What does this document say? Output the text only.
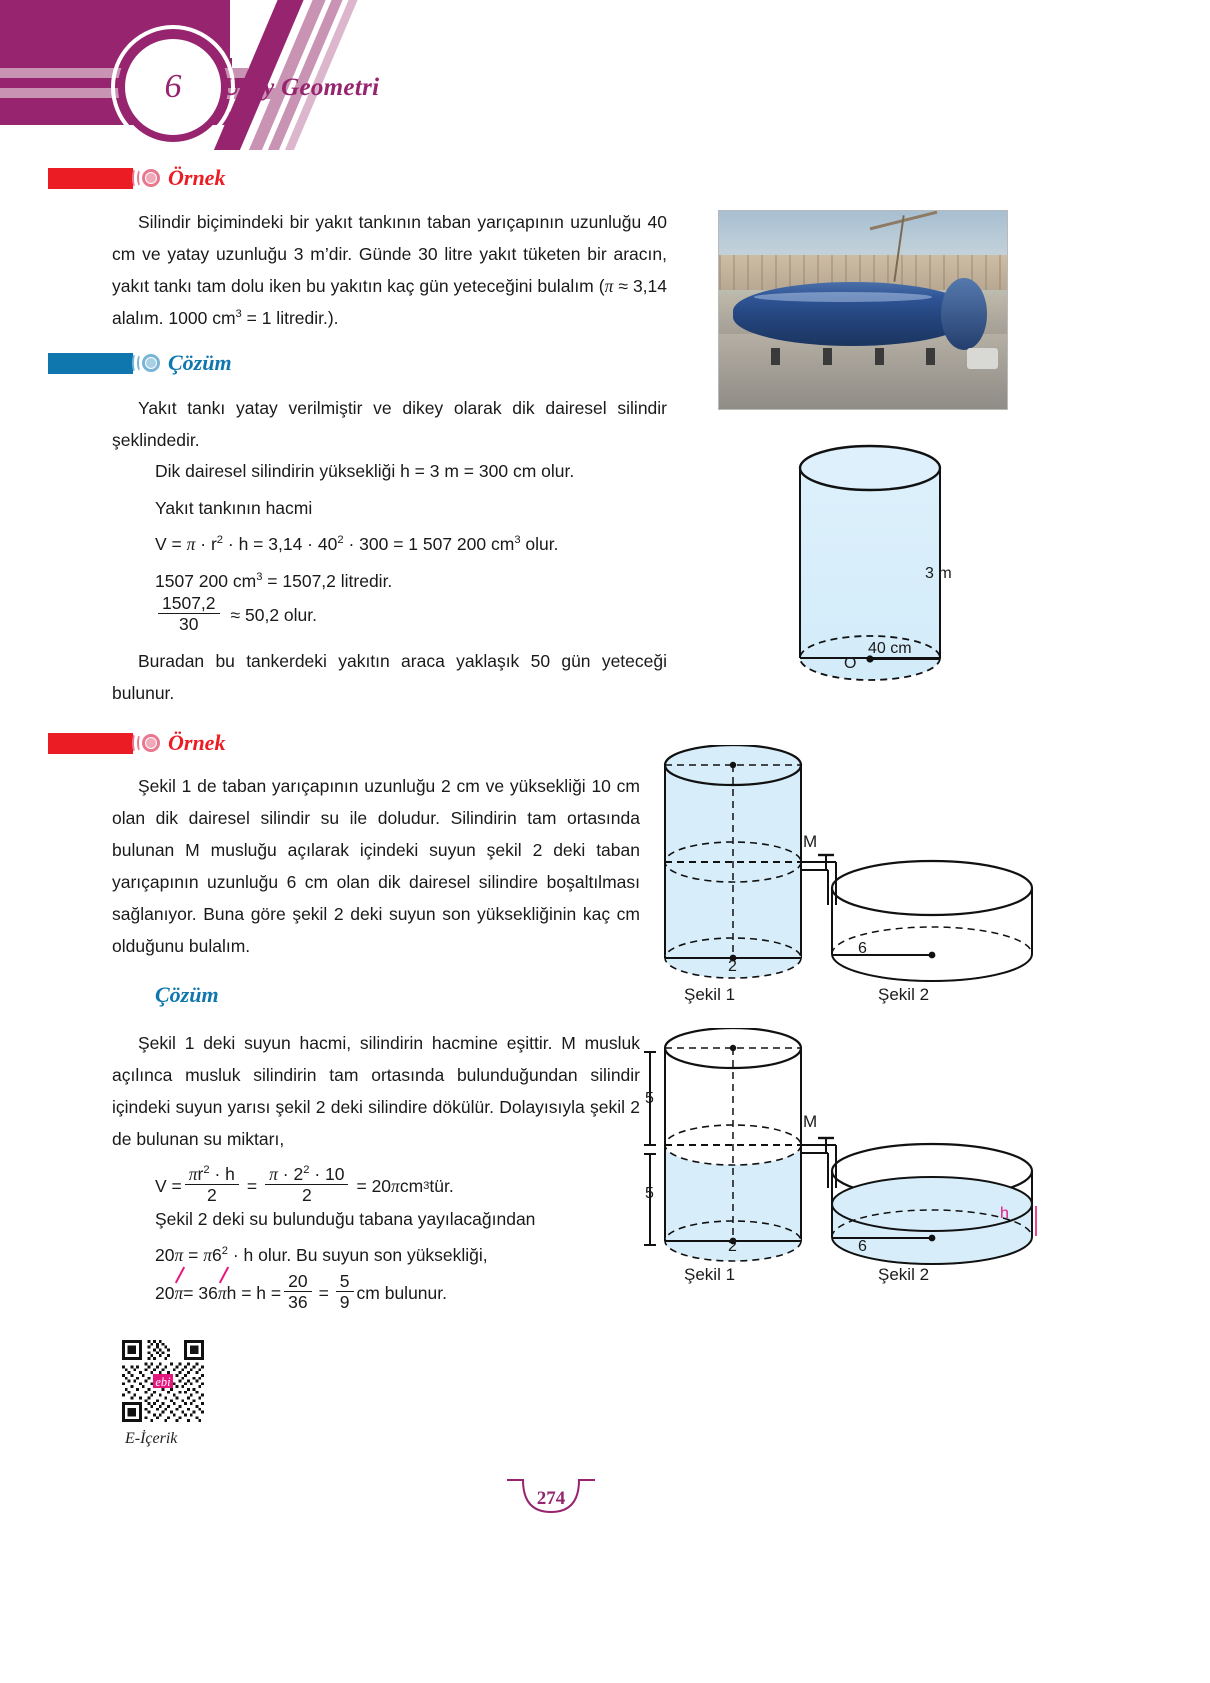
6 Uzay Geometri
Örnek
Silindir biçimindeki bir yakıt tankının taban yarıçapının uzunluğu 40 cm ve yatay uzunluğu 3 m’dir. Günde 30 litre yakıt tüketen bir aracın, yakıt tankı tam dolu iken bu yakıtın kaç gün yeteceğini bulalım (π ≈ 3,14 alalım. 1000 $cm^3 = 1$ litredir.).
Çözüm
Yakıt tankı yatay verilmiştir ve dikey olarak dik dairesel silindir şeklindedir.
Dik dairesel silindirin yüksekliği h = 3 m = 300 cm olur.
Yakıt tankının hacmi
$V = \pi \cdot r^2 \cdot h = 3,14 \cdot 40^2 \cdot 300 = 1$ 507 200 $cm^3$ olur.
1507 200 $cm^3 = 1507,2$ litredir.
$\frac{1507,2}{30} \approx 50,2$ olur.
Buradan bu tankerdeki yakıtın araca yaklaşık 50 gün yeteceği bulunur.
3 m
40 cm
O
Örnek
Şekil 1 de taban yarıçapının uzunluğu 2 cm ve yüksekliği 10 cm olan dik dairesel silindir su ile doludur. Silindirin tam ortasında bulunan M musluğu açılarak içindeki suyun şekil 2 deki taban yarıçapının uzunluğu 6 cm olan dik dairesel silindire boşaltılması sağlanıyor. Buna göre şekil 2 deki suyun son yüksekliğinin kaç cm olduğunu bulalım.
Çözüm
Şekil 1 deki suyun hacmi, silindirin hacmine eşittir. M musluk açılınca musluk silindirin tam ortasında bulunduğundan silindir içindeki suyun yarısı şekil 2 deki silindire dökülür. Dolayısıyla şekil 2 de bulunan su miktarı,
$V = \frac{\pi r^2 \cdot h}{2} = \frac{\pi \cdot 2^2 \cdot 10}{2} = 20$ π cm 3 tür.
Şekil 2 deki su bulunduğu tabana yayılacağından
$20\pi = \pi 6^2 \cdot h$ olur. Bu suyun son yüksekliği,
20 π = 36 π $h = h = \frac{20}{36} = \frac{5}{9}$ cm bulunur.
M
2
6
Şekil 1	Şekil 2
5
5
M
2	6
h
Şekil 1	Şekil 2
ebi
E-İçerik
274
